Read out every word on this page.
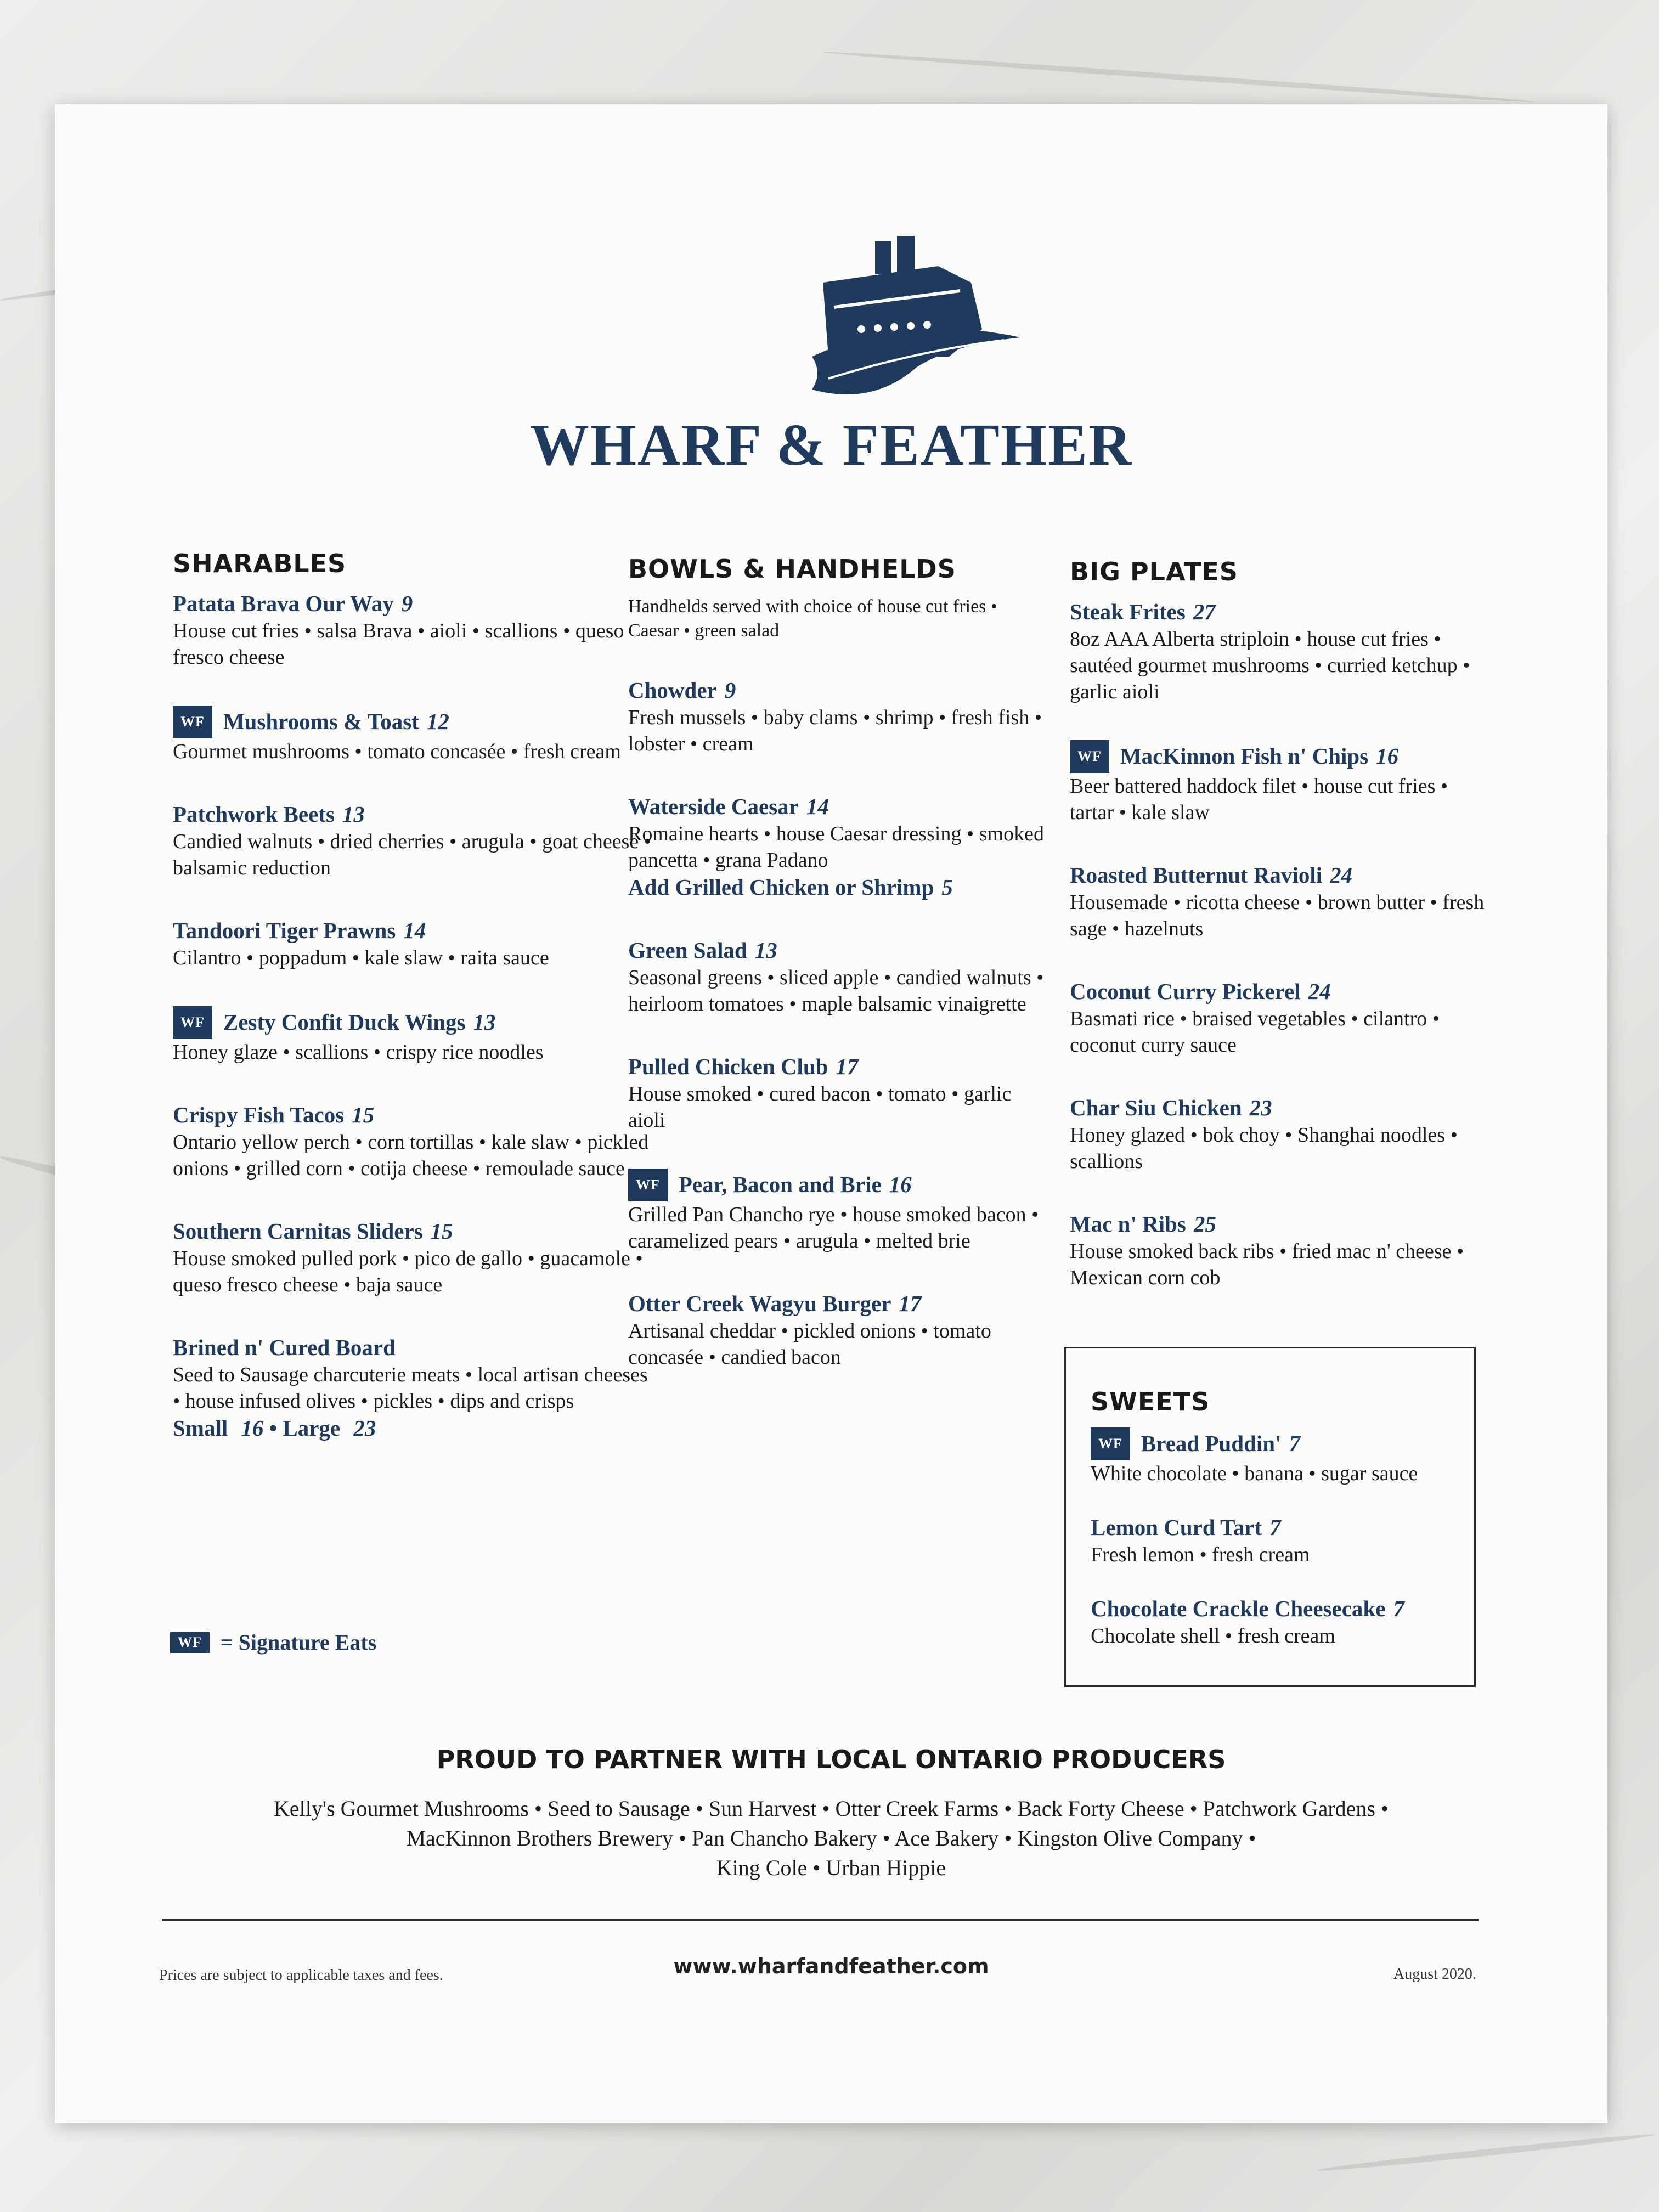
WHARF & FEATHER
SHARABLES
Patata Brava Our Way 9
House cut fries • salsa Brava • aioli • scallions • queso fresco cheese
WF Mushrooms & Toast 12
Gourmet mushrooms • tomato concasée • fresh cream
Patchwork Beets 13
Candied walnuts • dried cherries • arugula • goat cheese • balsamic reduction
Tandoori Tiger Prawns 14
Cilantro • poppadum • kale slaw • raita sauce
WF Zesty Confit Duck Wings 13
Honey glaze • scallions • crispy rice noodles
Crispy Fish Tacos 15
Ontario yellow perch • corn tortillas • kale slaw • pickled onions • grilled corn • cotija cheese • remoulade sauce
Southern Carnitas Sliders 15
House smoked pulled pork • pico de gallo • guacamole • queso fresco cheese • baja sauce
Brined n' Cured Board
Seed to Sausage charcuterie meats • local artisan cheeses • house infused olives • pickles • dips and crisps
Small 16 • Large 23
BOWLS & HANDHELDS
Handhelds served with choice of house cut fries • Caesar • green salad
Chowder 9
Fresh mussels • baby clams • shrimp • fresh fish • lobster • cream
Waterside Caesar 14
Romaine hearts • house Caesar dressing • smoked pancetta • grana Padano
Add Grilled Chicken or Shrimp 5
Green Salad 13
Seasonal greens • sliced apple • candied walnuts • heirloom tomatoes • maple balsamic vinaigrette
Pulled Chicken Club 17
House smoked • cured bacon • tomato • garlic aioli
WF Pear, Bacon and Brie 16
Grilled Pan Chancho rye • house smoked bacon • caramelized pears • arugula • melted brie
Otter Creek Wagyu Burger 17
Artisanal cheddar • pickled onions • tomato concasée • candied bacon
BIG PLATES
Steak Frites 27
8oz AAA Alberta striploin • house cut fries • sautéed gourmet mushrooms • curried ketchup • garlic aioli
WF MacKinnon Fish n' Chips 16
Beer battered haddock filet • house cut fries • tartar • kale slaw
Roasted Butternut Ravioli 24
Housemade • ricotta cheese • brown butter • fresh sage • hazelnuts
Coconut Curry Pickerel 24
Basmati rice • braised vegetables • cilantro • coconut curry sauce
Char Siu Chicken 23
Honey glazed • bok choy • Shanghai noodles • scallions
Mac n' Ribs 25
House smoked back ribs • fried mac n' cheese • Mexican corn cob
SWEETS
WF Bread Puddin' 7
White chocolate • banana • sugar sauce
Lemon Curd Tart 7
Fresh lemon • fresh cream
Chocolate Crackle Cheesecake 7
Chocolate shell • fresh cream
WF = Signature Eats
PROUD TO PARTNER WITH LOCAL ONTARIO PRODUCERS
Kelly's Gourmet Mushrooms • Seed to Sausage • Sun Harvest • Otter Creek Farms • Back Forty Cheese • Patchwork Gardens •
MacKinnon Brothers Brewery • Pan Chancho Bakery • Ace Bakery • Kingston Olive Company •
King Cole • Urban Hippie
Prices are subject to applicable taxes and fees.	www.wharfandfeather.com	August 2020.
